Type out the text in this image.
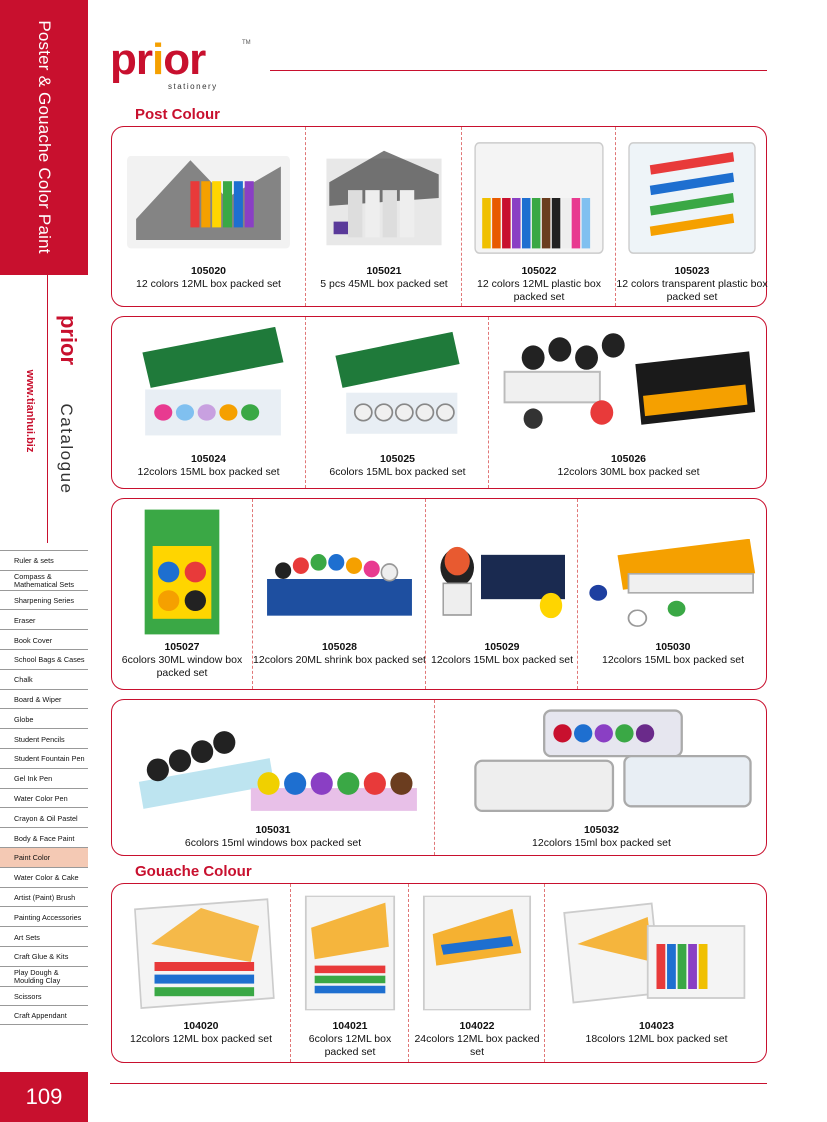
Poster & Gouache Color Paint
prior
www.tianhui.biz Catalogue
Ruler & sets
Compass & Mathematical Sets
Sharpening Series
Eraser
Book Cover
School Bags & Cases
Chalk
Board & Wiper
Globe
Student Pencils
Student Fountain Pen
Gel Ink Pen
Water Color Pen
Crayon & Oil Pastel
Body & Face Paint
Paint Color
Water Color & Cake
Artist (Paint) Brush
Painting Accessories
Art Sets
Craft Glue & Kits
Play Dough & Moulding Clay
Scissors
Craft Appendant
109
prior	TM
stationery
Post Colour
Gouache Colour
105020
12 colors 12ML box packed set
105021
5 pcs 45ML box packed set
105022
12 colors 12ML plastic box packed set
105023
12 colors transparent plastic box packed set
105024
12colors 15ML box packed set
105025
6colors 15ML box packed set
105026
12colors 30ML box packed set
105027
6colors 30ML window box packed set
105028
12colors 20ML shrink box packed set
105029
12colors 15ML box packed set
105030
12colors 15ML box packed set
105031
6colors 15ml windows box packed set
105032
12colors 15ml box packed set
104020
12colors 12ML box packed set
104021
6colors 12ML box packed set
104022
24colors 12ML box packed set
104023
18colors 12ML box packed set
